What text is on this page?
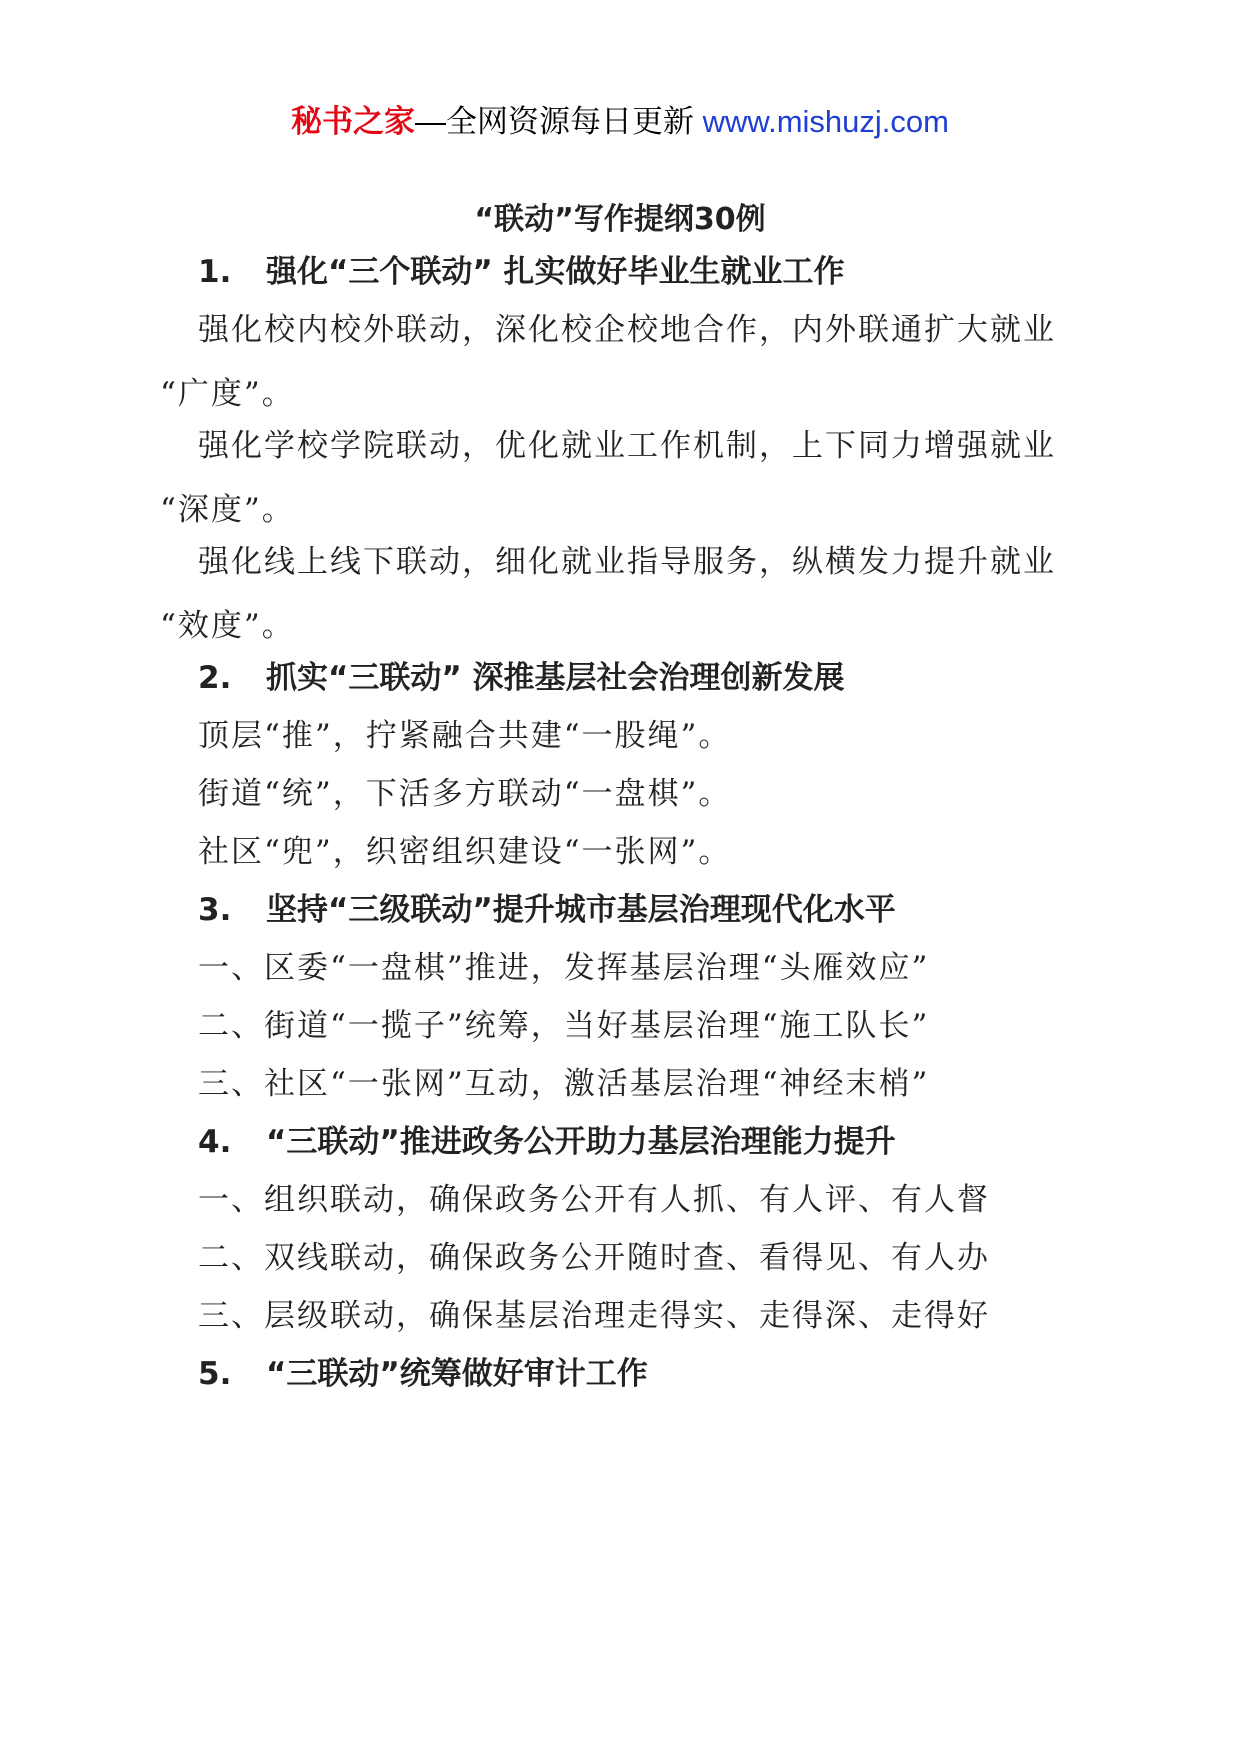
秘书之家—全网资源每日更新 www.mishuzj.com
“联动”写作提纲30例
1. 强化“三个联动” 扎实做好毕业生就业工作
强化校内校外联动，深化校企校地合作，内外联通扩大就业
“广度”。
强化学校学院联动，优化就业工作机制，上下同力增强就业
“深度”。
强化线上线下联动，细化就业指导服务，纵横发力提升就业
“效度”。
2. 抓实“三联动” 深推基层社会治理创新发展
顶层“推”，拧紧融合共建“一股绳”。
街道“统”，下活多方联动“一盘棋”。
社区“兜”，织密组织建设“一张网”。
3. 坚持“三级联动”提升城市基层治理现代化水平
一、区委“一盘棋”推进，发挥基层治理“头雁效应”
二、街道“一揽子”统筹，当好基层治理“施工队长”
三、社区“一张网”互动，激活基层治理“神经末梢”
4. “三联动”推进政务公开助力基层治理能力提升
一、组织联动，确保政务公开有人抓、有人评、有人督
二、双线联动，确保政务公开随时查、看得见、有人办
三、层级联动，确保基层治理走得实、走得深、走得好
5. “三联动”统筹做好审计工作
